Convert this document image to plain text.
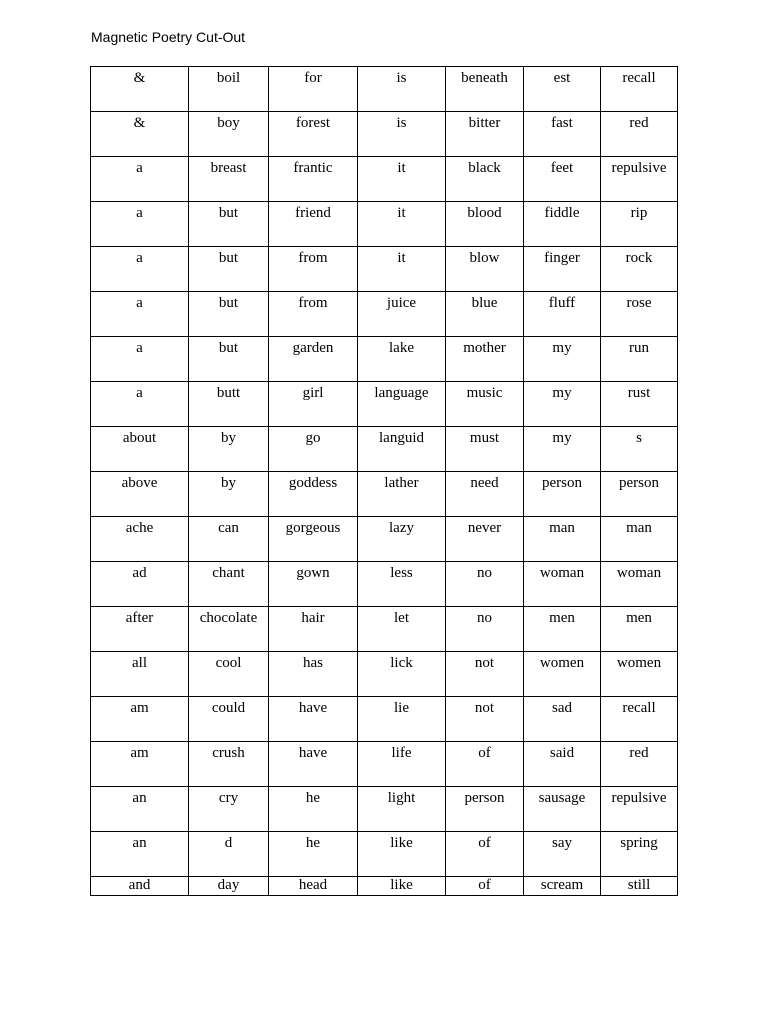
Magnetic Poetry Cut-Out
&	boil	for	is	beneath	est	recall
&	boy	forest	is	bitter	fast	red
a	breast	frantic	it	black	feet	repulsive
a	but	friend	it	blood	fiddle	rip
a	but	from	it	blow	finger	rock
a	but	from	juice	blue	fluff	rose
a	but	garden	lake	mother	my	run
a	butt	girl	language	music	my	rust
about	by	go	languid	must	my	s
above	by	goddess	lather	need	person	person
ache	can	gorgeous	lazy	never	man	man
ad	chant	gown	less	no	woman	woman
after	chocolate	hair	let	no	men	men
all	cool	has	lick	not	women	women
am	could	have	lie	not	sad	recall
am	crush	have	life	of	said	red
an	cry	he	light	person	sausage	repulsive
an	d	he	like	of	say	spring
and	day	head	like	of	scream	still
